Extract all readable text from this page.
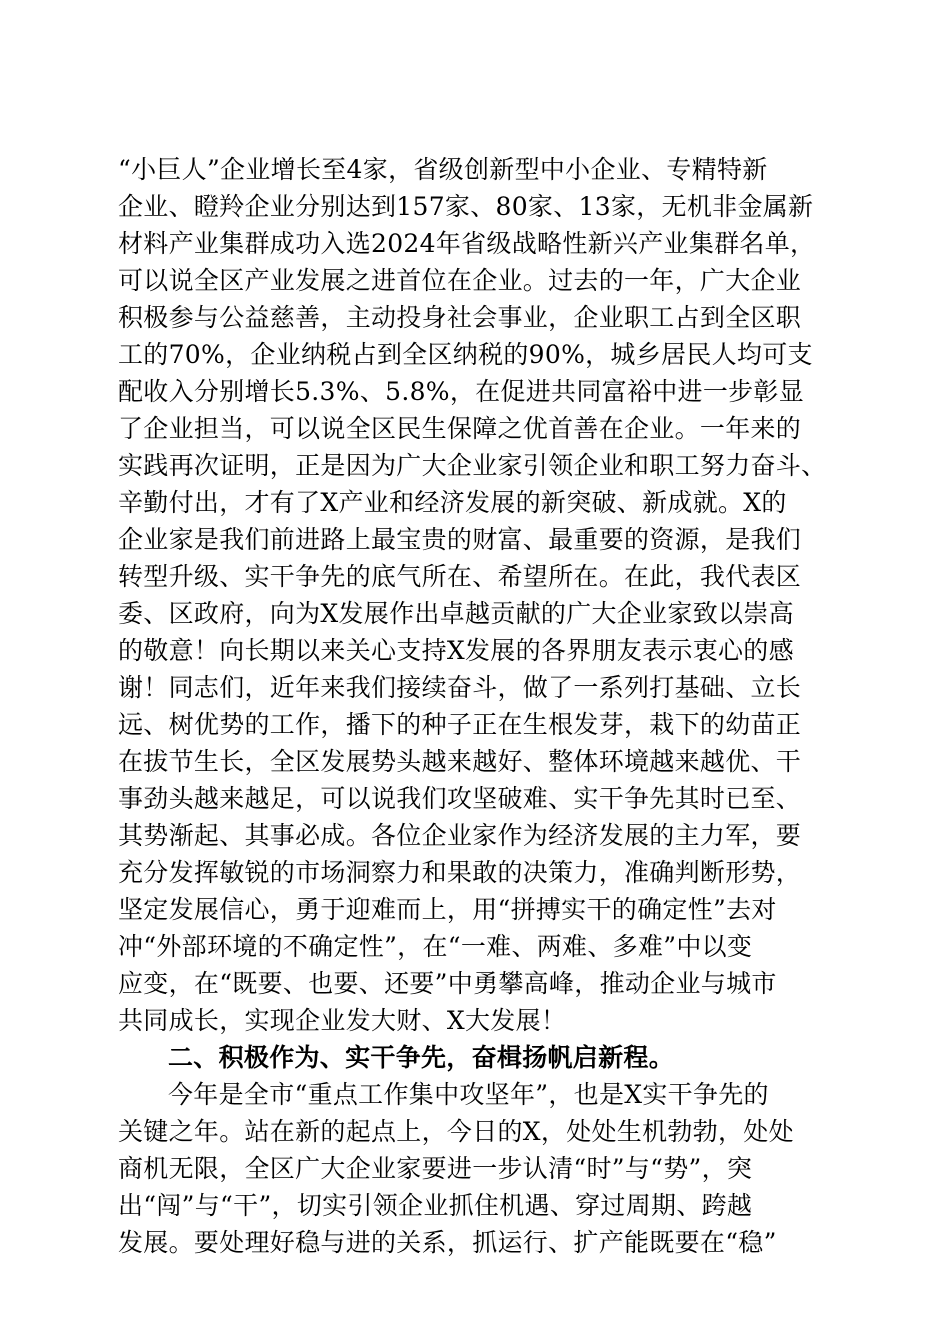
“小巨人”企业增长至4家，省级创新型中小企业、专精特新
企业、瞪羚企业分别达到157家、80家、13家，无机非金属新
材料产业集群成功入选2024年省级战略性新兴产业集群名单，
可以说全区产业发展之进首位在企业。过去的一年，广大企业
积极参与公益慈善，主动投身社会事业，企业职工占到全区职
工的70%，企业纳税占到全区纳税的90%，城乡居民人均可支
配收入分别增长5.3%、5.8%，在促进共同富裕中进一步彰显
了企业担当，可以说全区民生保障之优首善在企业。一年来的
实践再次证明，正是因为广大企业家引领企业和职工努力奋斗、
辛勤付出，才有了X产业和经济发展的新突破、新成就。X的
企业家是我们前进路上最宝贵的财富、最重要的资源，是我们
转型升级、实干争先的底气所在、希望所在。在此，我代表区
委、区政府，向为X发展作出卓越贡献的广大企业家致以崇高
的敬意！向长期以来关心支持X发展的各界朋友表示衷心的感
谢！同志们，近年来我们接续奋斗，做了一系列打基础、立长
远、树优势的工作，播下的种子正在生根发芽，栽下的幼苗正
在拔节生长，全区发展势头越来越好、整体环境越来越优、干
事劲头越来越足，可以说我们攻坚破难、实干争先其时已至、
其势渐起、其事必成。各位企业家作为经济发展的主力军，要
充分发挥敏锐的市场洞察力和果敢的决策力，准确判断形势，
坚定发展信心，勇于迎难而上，用“拼搏实干的确定性”去对
冲“外部环境的不确定性”，在“一难、两难、多难”中以变
应变，在“既要、也要、还要”中勇攀高峰，推动企业与城市
共同成长，实现企业发大财、X大发展！
二、积极作为、实干争先，奋楫扬帆启新程。
今年是全市“重点工作集中攻坚年”，也是X实干争先的
关键之年。站在新的起点上，今日的X，处处生机勃勃，处处
商机无限，全区广大企业家要进一步认清“时”与“势”，突
出“闯”与“干”，切实引领企业抓住机遇、穿过周期、跨越
发展。要处理好稳与进的关系，抓运行、扩产能既要在“稳”
